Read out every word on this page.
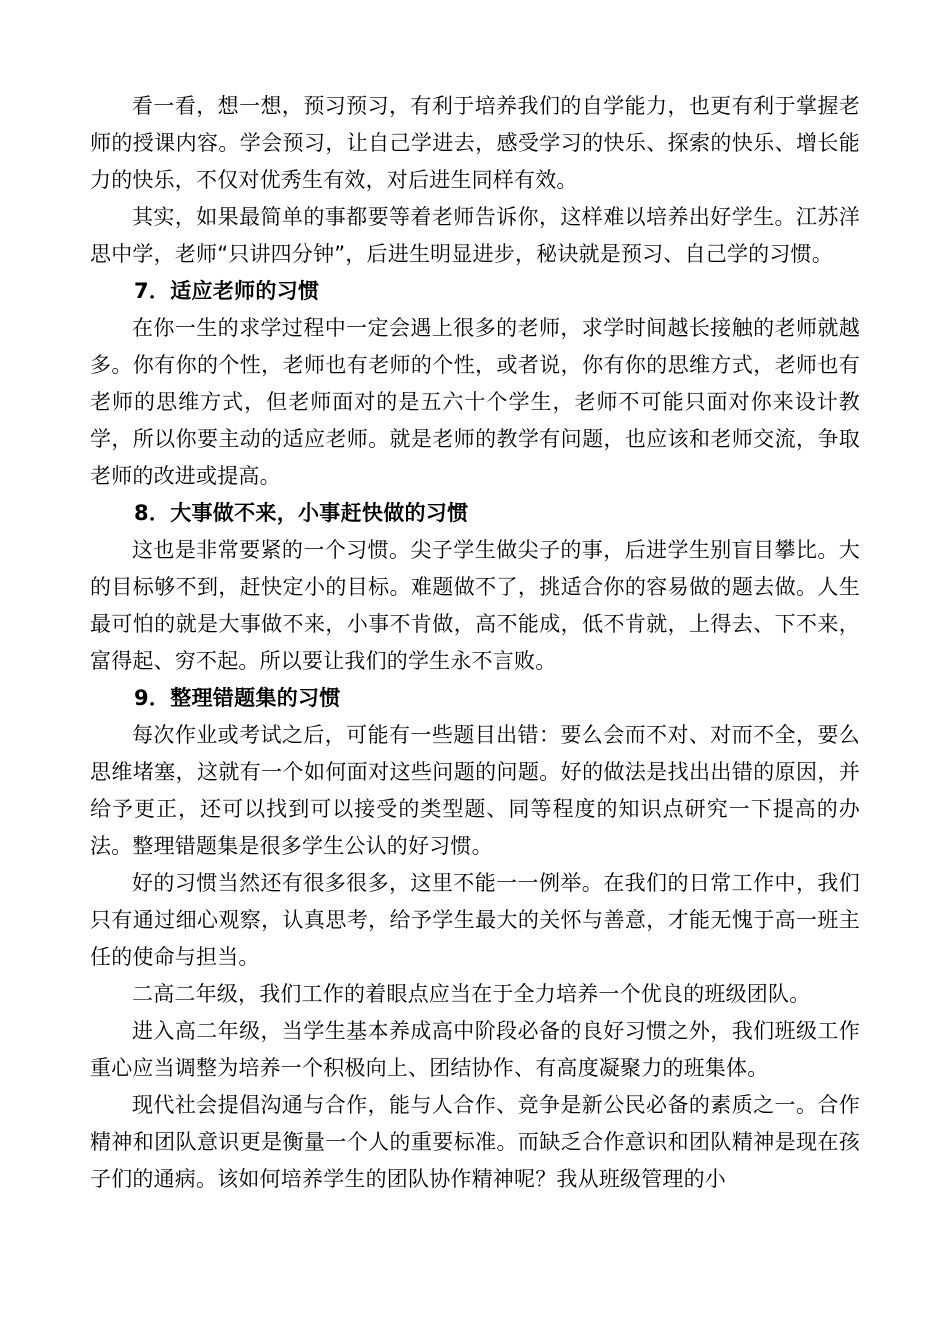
看一看，想一想，预习预习，有利于培养我们的自学能力，也更有利于掌握老师的授课内容。学会预习，让自己学进去，感受学习的快乐、探索的快乐、增长能力的快乐，不仅对优秀生有效，对后进生同样有效。

其实，如果最简单的事都要等着老师告诉你，这样难以培养出好学生。江苏洋思中学，老师“只讲四分钟”，后进生明显进步，秘诀就是预习、自己学的习惯。

7．适应老师的习惯

在你一生的求学过程中一定会遇上很多的老师，求学时间越长接触的老师就越多。你有你的个性，老师也有老师的个性，或者说，你有你的思维方式，老师也有老师的思维方式，但老师面对的是五六十个学生，老师不可能只面对你来设计教学，所以你要主动的适应老师。就是老师的教学有问题，也应该和老师交流，争取老师的改进或提高。

8．大事做不来，小事赶快做的习惯

这也是非常要紧的一个习惯。尖子学生做尖子的事，后进学生别盲目攀比。大的目标够不到，赶快定小的目标。难题做不了，挑适合你的容易做的题去做。人生最可怕的就是大事做不来，小事不肯做，高不能成，低不肯就，上得去、下不来，富得起、穷不起。所以要让我们的学生永不言败。

9．整理错题集的习惯

每次作业或考试之后，可能有一些题目出错：要么会而不对、对而不全，要么思维堵塞，这就有一个如何面对这些问题的问题。好的做法是找出出错的原因，并给予更正，还可以找到可以接受的类型题、同等程度的知识点研究一下提高的办法。整理错题集是很多学生公认的好习惯。

好的习惯当然还有很多很多，这里不能一一例举。在我们的日常工作中，我们只有通过细心观察，认真思考，给予学生最大的关怀与善意，才能无愧于高一班主任的使命与担当。

二高二年级，我们工作的着眼点应当在于全力培养一个优良的班级团队。

进入高二年级，当学生基本养成高中阶段必备的良好习惯之外，我们班级工作重心应当调整为培养一个积极向上、团结协作、有高度凝聚力的班集体。

现代社会提倡沟通与合作，能与人合作、竞争是新公民必备的素质之一。合作精神和团队意识更是衡量一个人的重要标准。而缺乏合作意识和团队精神是现在孩子们的通病。该如何培养学生的团队协作精神呢？我从班级管理的小
